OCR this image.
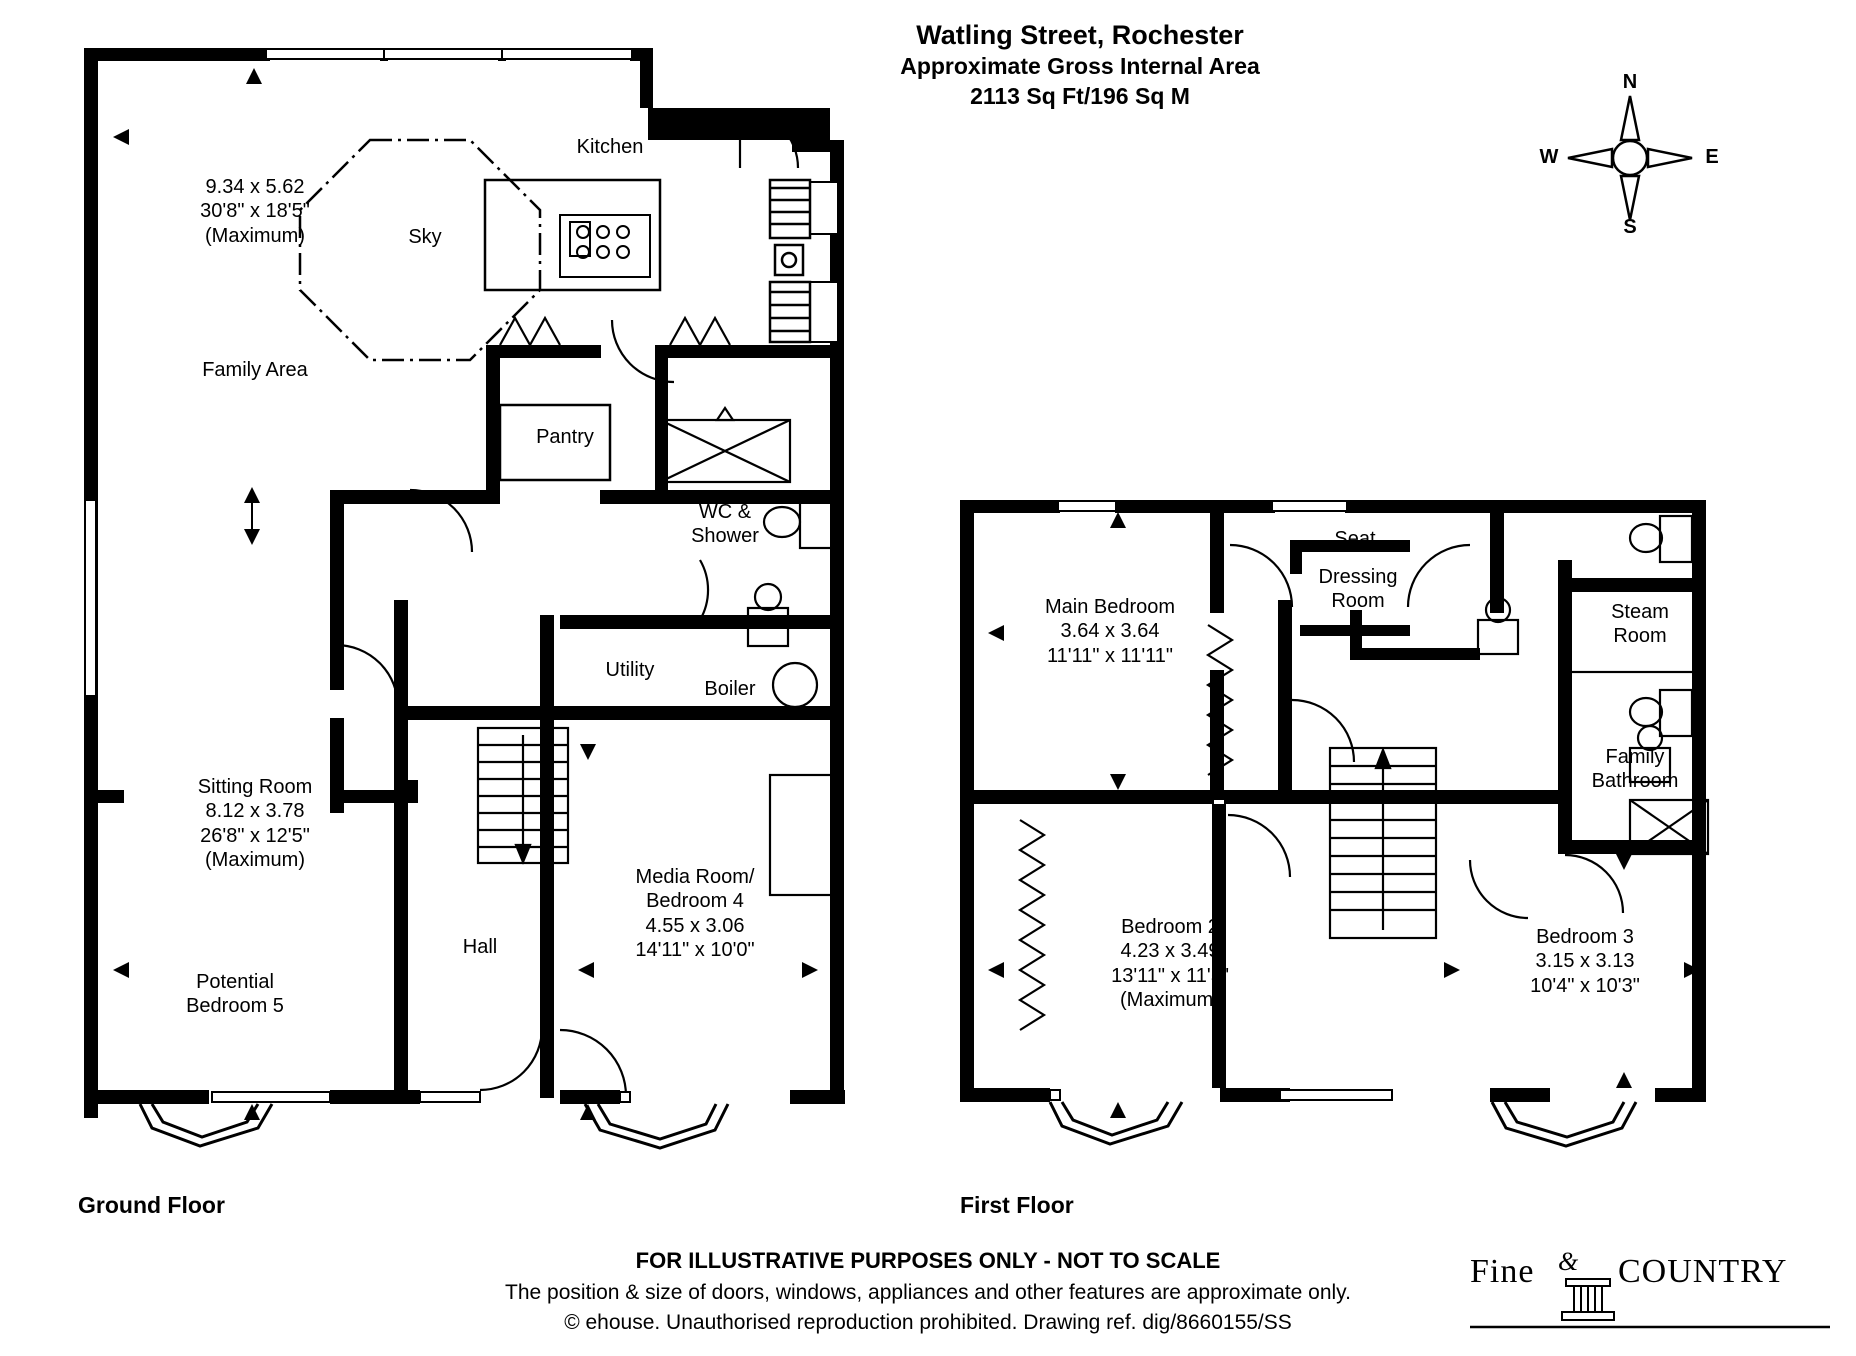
Watling Street, Rochester
Approximate Gross Internal Area
2113 Sq Ft/196 Sq M
N
S
W	E
9.34 x 5.62
30'8" x 18'5"
(Maximum)
Family Area
Sky
Kitchen
Pantry
WC &
Shower
Utility
Boiler
Sitting Room
8.12 x 3.78
26'8" x 12'5"
(Maximum)
Potential
Bedroom 5
Hall
Media Room/
Bedroom 4
4.55 x 3.06
14'11" x 10'0"
Main Bedroom
3.64 x 3.64
11'11" x 11'11"
Seat
Dressing
Room	Steam
Room
Family
Bathroom
Bedroom 2
4.23 x 3.49
13'11" x 11'5"
(Maximum)
Bedroom 3
3.15 x 3.13
10'4" x 10'3"
Ground Floor	First Floor
FOR ILLUSTRATIVE PURPOSES ONLY - NOT TO SCALE
The position & size of doors, windows, appliances and other features are approximate only.
© ehouse. Unauthorised reproduction prohibited. Drawing ref. dig/8660155/SS
Fine & COUNTRY
